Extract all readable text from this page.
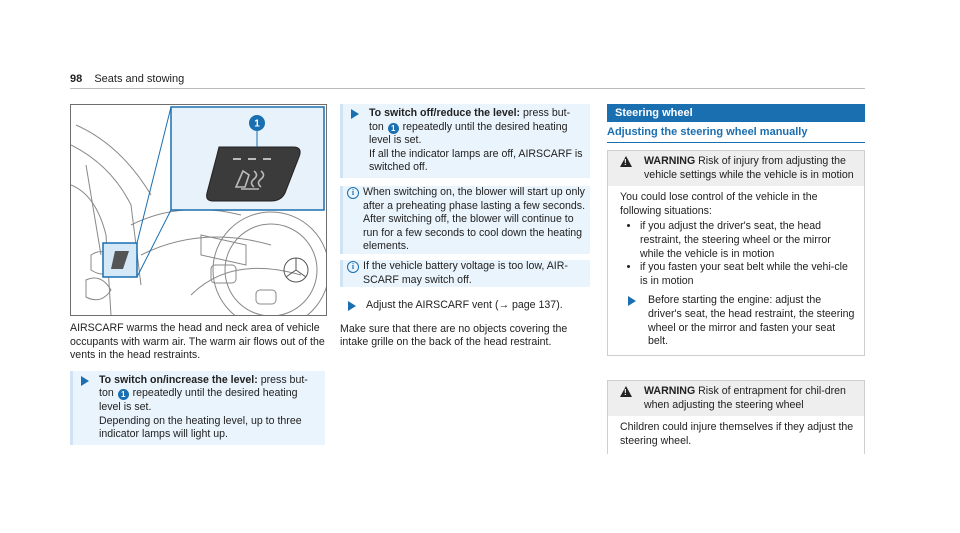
98 Seats and stowing
1

AIRSCARF warms the head and neck area of vehicle occupants with warm air. The warm air flows out of the vents in the head restraints.

To switch on/increase the level: press but-ton 1 repeatedly until the desired heating level is set.
Depending on the heating level, up to three indicator lamps will light up.
To switch off/reduce the level: press but-ton 1 repeatedly until the desired heating level is set.
If all the indicator lamps are off, AIRSCARF is switched off.
i When switching on, the blower will start up only after a preheating phase lasting a few seconds.
After switching off, the blower will continue to run for a few seconds to cool down the heating elements.
i If the vehicle battery voltage is too low, AIR-SCARF may switch off.
Adjust the AIRSCARF vent (→ page 137).

Make sure that there are no objects covering the intake grille on the back of the head restraint.

Steering wheel
Adjusting the steering wheel manually
!
WARNING Risk of injury from adjusting the vehicle settings while the vehicle is in motion
You could lose control of the vehicle in the following situations:
• if you adjust the driver's seat, the head restraint, the steering wheel or the mirror while the vehicle is in motion
• if you fasten your seat belt while the vehi-cle is in motion
Before starting the engine: adjust the driver's seat, the head restraint, the steering wheel or the mirror and fasten your seat belt.
!
WARNING Risk of entrapment for chil-dren when adjusting the steering wheel
Children could injure themselves if they adjust the steering wheel.
